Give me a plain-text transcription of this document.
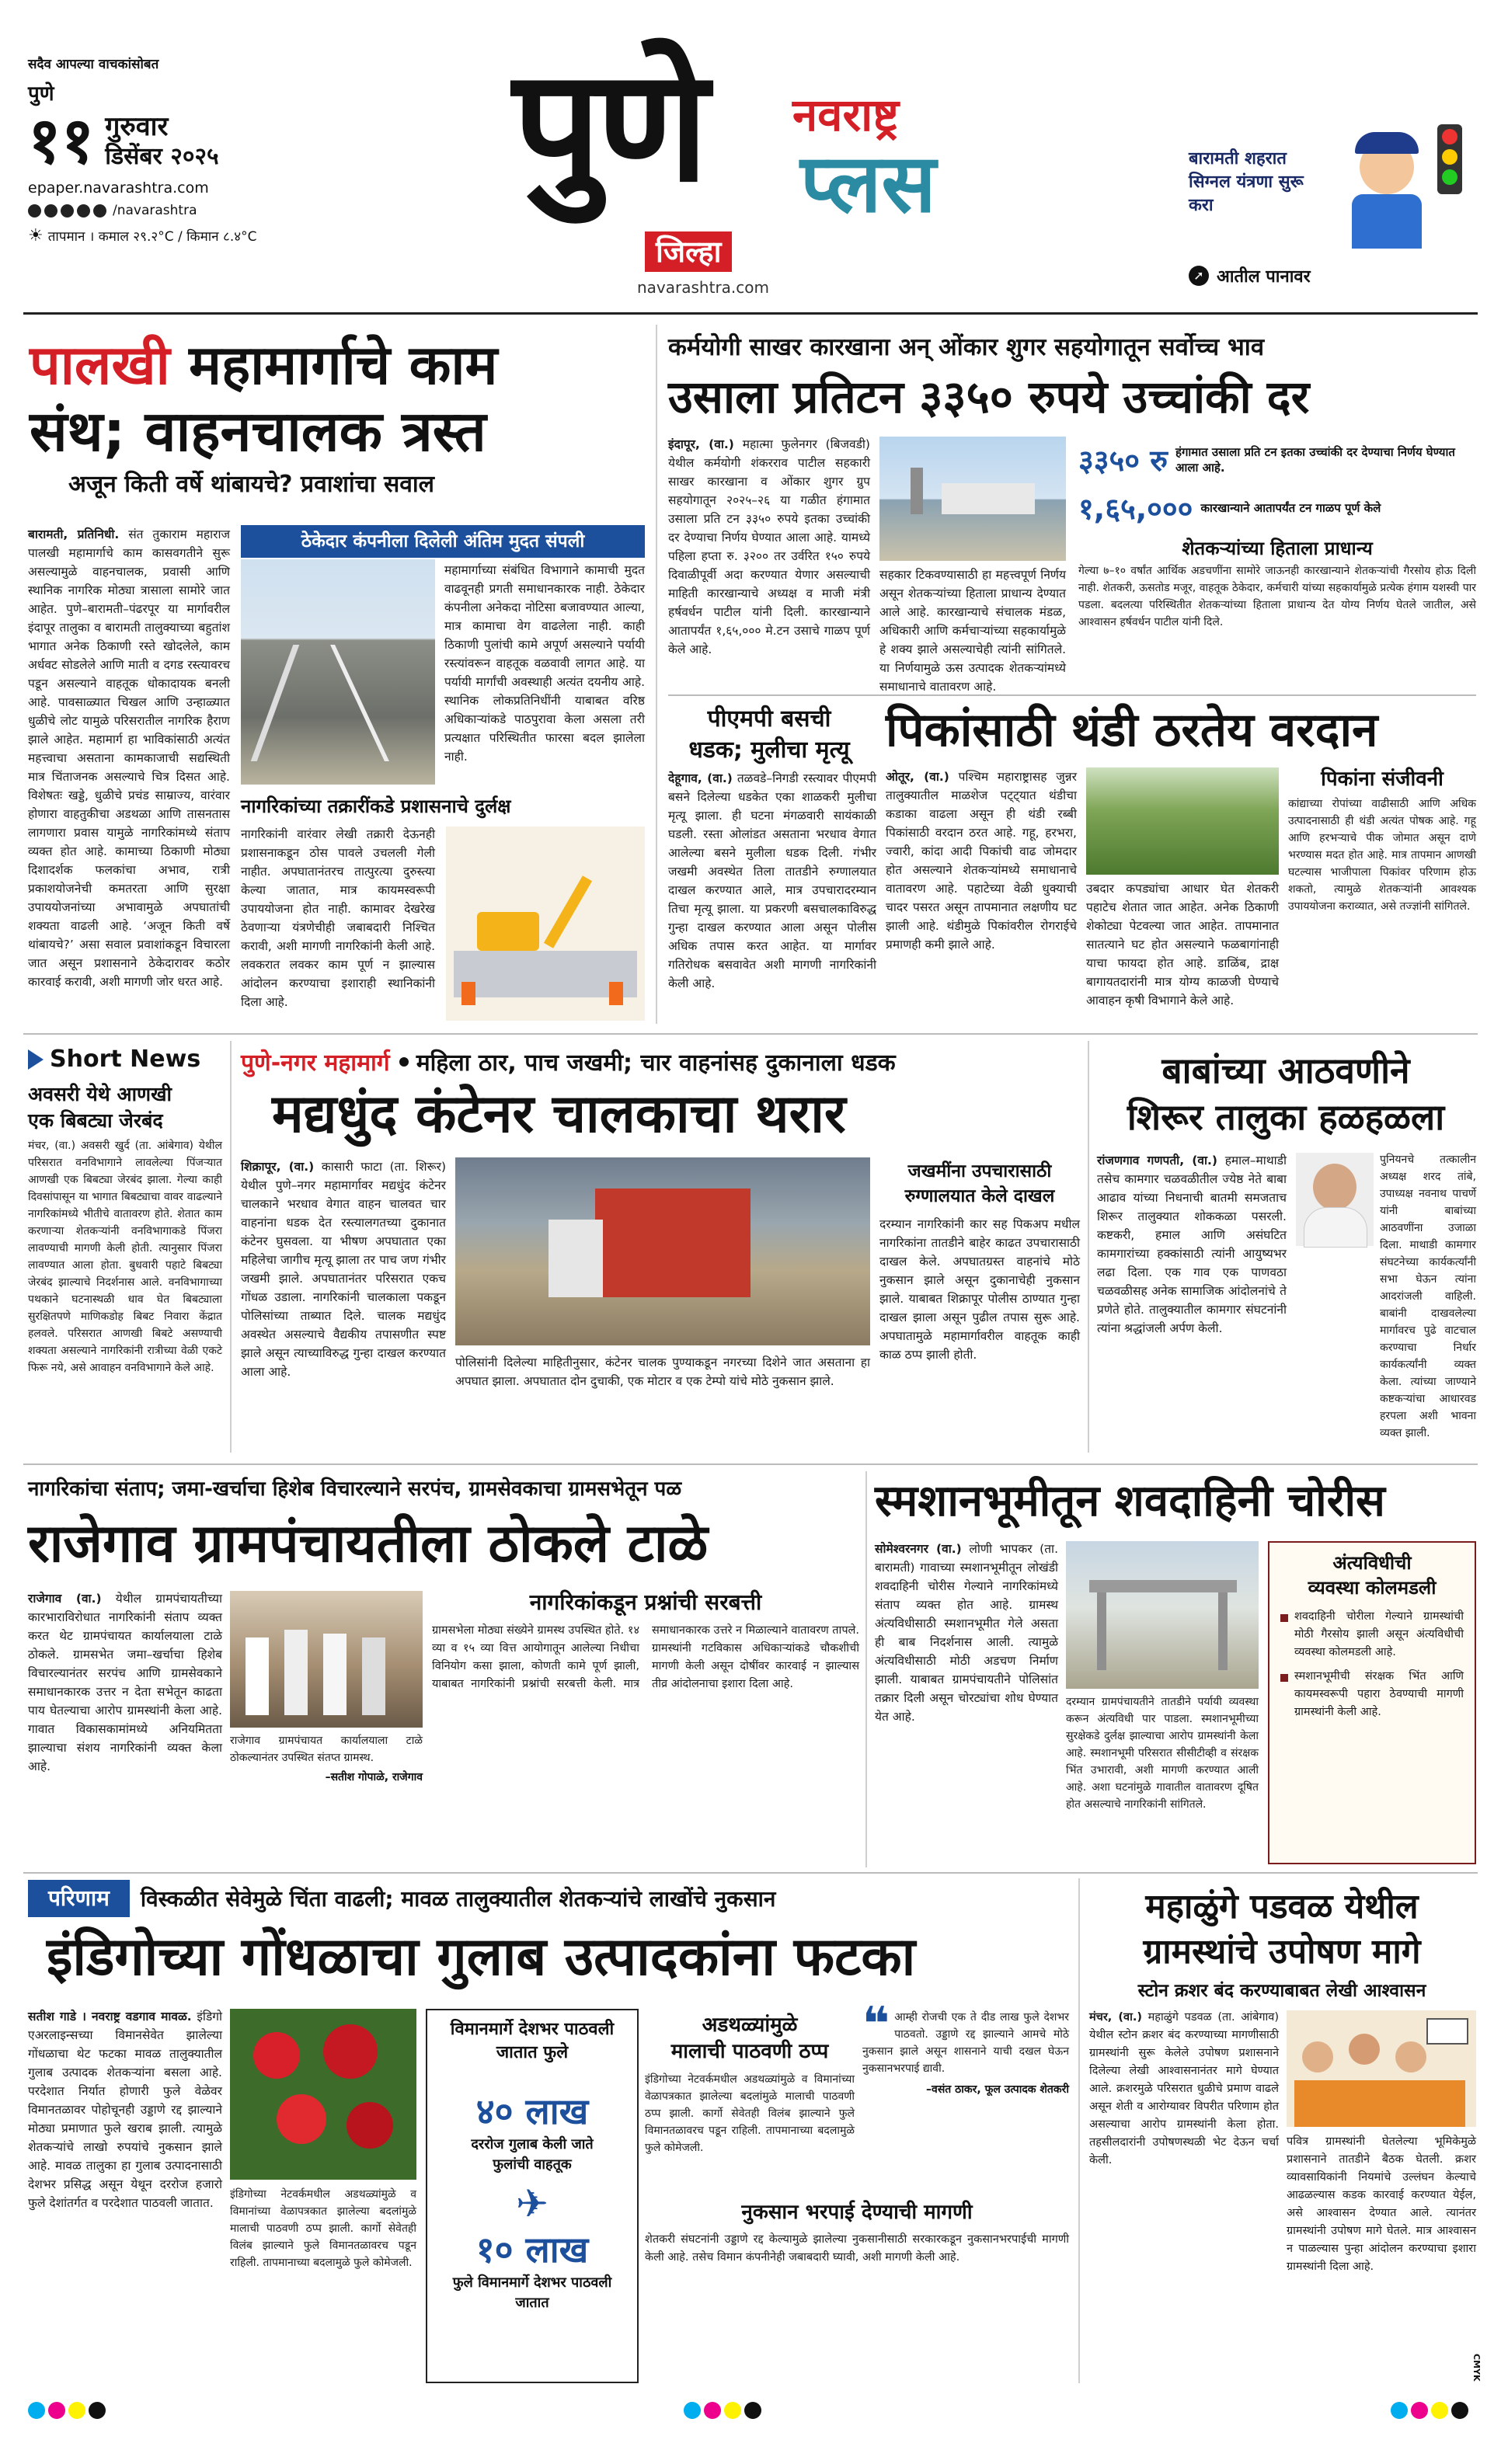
सदैव आपल्या वाचकांसोबत
पुणे
११ गुरुवार
डिसेंबर २०२५
epaper.navarashtra.com
/navarashtra
☀ तापमान । कमाल २९.२°C / किमान ८.४°C
पुणे नवराष्ट्र
प्लस
जिल्हा
navarashtra.com
बारामती शहरात सिग्नल यंत्रणा सुरू करा
➚ आतील पानावर
पालखी महामार्गाचे काम
संथ; वाहनचालक त्रस्त
अजून किती वर्षे थांबायचे? प्रवाशांचा सवाल

बारामती, प्रतिनिधी. संत तुकाराम महाराज पालखी महामार्गाचे काम कासवगतीने सुरू असल्यामुळे वाहनचालक, प्रवासी आणि स्थानिक नागरिक मोठ्या त्रासाला सामोरे जात आहेत. पुणे–बारामती–पंढरपूर या मार्गावरील इंदापूर तालुका व बारामती तालुक्याच्या बहुतांश भागात अनेक ठिकाणी रस्ते खोदलेले, काम अर्धवट सोडलेले आणि माती व दगड रस्त्यावरच पडून असल्याने वाहतूक धोकादायक बनली आहे. पावसाळ्यात चिखल आणि उन्हाळ्यात धुळीचे लोट यामुळे परिसरातील नागरिक हैराण झाले आहेत. महामार्ग हा भाविकांसाठी अत्यंत महत्त्वाचा असताना कामकाजाची सद्यस्थिती मात्र चिंताजनक असल्याचे चित्र दिसत आहे. विशेषतः खड्डे, धुळीचे प्रचंड साम्राज्य, वारंवार होणारा वाहतुकीचा अडथळा आणि तासनतास लागणारा प्रवास यामुळे नागरिकांमध्ये संताप व्यक्त होत आहे. कामाच्या ठिकाणी मोठ्या दिशादर्शक फलकांचा अभाव, रात्री प्रकाशयोजनेची कमतरता आणि सुरक्षा उपाययोजनांच्या अभावामुळे अपघातांची शक्यता वाढली आहे. ‘अजून किती वर्षे थांबायचे?’ असा सवाल प्रवाशांकडून विचारला जात असून प्रशासनाने ठेकेदारावर कठोर कारवाई करावी, अशी मागणी जोर धरत आहे.

ठेकेदार कंपनीला दिलेली अंतिम मुदत संपली

महामार्गाच्या संबंधित विभागाने कामाची मुदत वाढवूनही प्रगती समाधानकारक नाही. ठेकेदार कंपनीला अनेकदा नोटिसा बजावण्यात आल्या, मात्र कामाचा वेग वाढलेला नाही. काही ठिकाणी पुलांची कामे अपूर्ण असल्याने पर्यायी रस्त्यांवरून वाहतूक वळवावी लागत आहे. या पर्यायी मार्गांची अवस्थाही अत्यंत दयनीय आहे. स्थानिक लोकप्रतिनिधींनी याबाबत वरिष्ठ अधिकाऱ्यांकडे पाठपुरावा केला असला तरी प्रत्यक्षात परिस्थितीत फारसा बदल झालेला नाही.

नागरिकांच्या तक्रारींकडे प्रशासनाचे दुर्लक्ष

नागरिकांनी वारंवार लेखी तक्रारी देऊनही प्रशासनाकडून ठोस पावले उचलली गेली नाहीत. अपघातानंतरच तात्पुरत्या दुरुस्त्या केल्या जातात, मात्र कायमस्वरूपी उपाययोजना होत नाही. कामावर देखरेख ठेवणाऱ्या यंत्रणेचीही जबाबदारी निश्चित करावी, अशी मागणी नागरिकांनी केली आहे. लवकरात लवकर काम पूर्ण न झाल्यास आंदोलन करण्याचा इशाराही स्थानिकांनी दिला आहे.

कर्मयोगी साखर कारखाना अन् ओंकार शुगर सहयोगातून सर्वोच्च भाव
उसाला प्रतिटन ३३५० रुपये उच्चांकी दर

इंदापूर, (वा.) महात्मा फुलेनगर (बिजवडी) येथील कर्मयोगी शंकरराव पाटील सहकारी साखर कारखाना व ओंकार शुगर ग्रुप सहयोगातून २०२५–२६ या गळीत हंगामात उसाला प्रति टन ३३५० रुपये इतका उच्चांकी दर देण्याचा निर्णय घेण्यात आला आहे. यामध्ये पहिला हप्ता रु. ३२०० तर उर्वरित १५० रुपये दिवाळीपूर्वी अदा करण्यात येणार असल्याची माहिती कारखान्याचे अध्यक्ष व माजी मंत्री हर्षवर्धन पाटील यांनी दिली. कारखान्याने आतापर्यंत १,६५,००० मे.टन उसाचे गाळप पूर्ण केले आहे.

सहकार टिकवण्यासाठी हा महत्त्वपूर्ण निर्णय असून शेतकऱ्यांच्या हिताला प्राधान्य देण्यात आले आहे. कारखान्याचे संचालक मंडळ, अधिकारी आणि कर्मचाऱ्यांच्या सहकार्यामुळे हे शक्य झाले असल्याचेही त्यांनी सांगितले. या निर्णयामुळे ऊस उत्पादक शेतकऱ्यांमध्ये समाधानाचे वातावरण आहे.

३३५० रु हंगामात उसाला प्रति टन इतका उच्चांकी दर देण्याचा निर्णय घेण्यात आला आहे.
१,६५,००० कारखान्याने आतापर्यंत टन गाळप पूर्ण केले
शेतकऱ्यांच्या हिताला प्राधान्य

गेल्या ७–१० वर्षांत आर्थिक अडचणींना सामोरे जाऊनही कारखान्याने शेतकऱ्यांची गैरसोय होऊ दिली नाही. शेतकरी, ऊसतोड मजूर, वाहतूक ठेकेदार, कर्मचारी यांच्या सहकार्यामुळे प्रत्येक हंगाम यशस्वी पार पडला. बदलत्या परिस्थितीत शेतकऱ्यांच्या हिताला प्राधान्य देत योग्य निर्णय घेतले जातील, असे आश्वासन हर्षवर्धन पाटील यांनी दिले.

पीएमपी बसची
धडक; मुलीचा मृत्यू

देहूगाव, (वा.) तळवडे–निगडी रस्त्यावर पीएमपी बसने दिलेल्या धडकेत एका शाळकरी मुलीचा मृत्यू झाला. ही घटना मंगळवारी सायंकाळी घडली. रस्ता ओलांडत असताना भरधाव वेगात आलेल्या बसने मुलीला धडक दिली. गंभीर जखमी अवस्थेत तिला तातडीने रुग्णालयात दाखल करण्यात आले, मात्र उपचारादरम्यान तिचा मृत्यू झाला. या प्रकरणी बसचालकाविरुद्ध गुन्हा दाखल करण्यात आला असून पोलीस अधिक तपास करत आहेत. या मार्गावर गतिरोधक बसवावेत अशी मागणी नागरिकांनी केली आहे.

पिकांसाठी थंडी ठरतेय वरदान

ओतूर, (वा.) पश्चिम महाराष्ट्रासह जुन्नर तालुक्यातील माळशेज पट्ट्यात थंडीचा कडाका वाढला असून ही थंडी रब्बी पिकांसाठी वरदान ठरत आहे. गहू, हरभरा, ज्वारी, कांदा आदी पिकांची वाढ जोमदार होत असल्याने शेतकऱ्यांमध्ये समाधानाचे वातावरण आहे. पहाटेच्या वेळी धुक्याची चादर पसरत असून तापमानात लक्षणीय घट झाली आहे. थंडीमुळे पिकांवरील रोगराईचे प्रमाणही कमी झाले आहे.

उबदार कपड्यांचा आधार घेत शेतकरी पहाटेच शेतात जात आहेत. अनेक ठिकाणी शेकोट्या पेटवल्या जात आहेत. तापमानात सातत्याने घट होत असल्याने फळबागांनाही याचा फायदा होत आहे. डाळिंब, द्राक्ष बागायतदारांनी मात्र योग्य काळजी घेण्याचे आवाहन कृषी विभागाने केले आहे.

पिकांना संजीवनी

कांद्याच्या रोपांच्या वाढीसाठी आणि अधिक उत्पादनासाठी ही थंडी अत्यंत पोषक आहे. गहू आणि हरभऱ्याचे पीक जोमात असून दाणे भरण्यास मदत होत आहे. मात्र तापमान आणखी घटल्यास भाजीपाला पिकांवर परिणाम होऊ शकतो, त्यामुळे शेतकऱ्यांनी आवश्यक उपाययोजना कराव्यात, असे तज्ज्ञांनी सांगितले.

Short News
अवसरी येथे आणखी
एक बिबट्या जेरबंद

मंचर, (वा.) अवसरी खुर्द (ता. आंबेगाव) येथील परिसरात वनविभागाने लावलेल्या पिंजऱ्यात आणखी एक बिबट्या जेरबंद झाला. गेल्या काही दिवसांपासून या भागात बिबट्याचा वावर वाढल्याने नागरिकांमध्ये भीतीचे वातावरण होते. शेतात काम करणाऱ्या शेतकऱ्यांनी वनविभागाकडे पिंजरा लावण्याची मागणी केली होती. त्यानुसार पिंजरा लावण्यात आला होता. बुधवारी पहाटे बिबट्या जेरबंद झाल्याचे निदर्शनास आले. वनविभागाच्या पथकाने घटनास्थळी धाव घेत बिबट्याला सुरक्षितपणे माणिकडोह बिबट निवारा केंद्रात हलवले. परिसरात आणखी बिबटे असण्याची शक्यता असल्याने नागरिकांनी रात्रीच्या वेळी एकटे फिरू नये, असे आवाहन वनविभागाने केले आहे.

पुणे-नगर महामार्ग महिला ठार, पाच जखमी; चार वाहनांसह दुकानाला धडक
मद्यधुंद कंटेनर चालकाचा थरार

शिक्रापूर, (वा.) कासारी फाटा (ता. शिरूर) येथील पुणे–नगर महामार्गावर मद्यधुंद कंटेनर चालकाने भरधाव वेगात वाहन चालवत चार वाहनांना धडक देत रस्त्यालगतच्या दुकानात कंटेनर घुसवला. या भीषण अपघातात एका महिलेचा जागीच मृत्यू झाला तर पाच जण गंभीर जखमी झाले. अपघातानंतर परिसरात एकच गोंधळ उडाला. नागरिकांनी चालकाला पकडून पोलिसांच्या ताब्यात दिले. चालक मद्यधुंद अवस्थेत असल्याचे वैद्यकीय तपासणीत स्पष्ट झाले असून त्याच्याविरुद्ध गुन्हा दाखल करण्यात आला आहे.

पोलिसांनी दिलेल्या माहितीनुसार, कंटेनर चालक पुण्याकडून नगरच्या दिशेने जात असताना हा अपघात झाला. अपघातात दोन दुचाकी, एक मोटार व एक टेम्पो यांचे मोठे नुकसान झाले.

जखमींना उपचारासाठी
रुग्णालयात केले दाखल

दरम्यान नागरिकांनी कार सह पिकअप मधील नागरिकांना तातडीने बाहेर काढत उपचारासाठी दाखल केले. अपघातग्रस्त वाहनांचे मोठे नुकसान झाले असून दुकानाचेही नुकसान झाले. याबाबत शिक्रापूर पोलीस ठाण्यात गुन्हा दाखल झाला असून पुढील तपास सुरू आहे. अपघातामुळे महामार्गावरील वाहतूक काही काळ ठप्प झाली होती.

बाबांच्या आठवणीने
शिरूर तालुका हळहळला

रांजणगाव गणपती, (वा.) हमाल–माथाडी तसेच कामगार चळवळीतील ज्येष्ठ नेते बाबा आढाव यांच्या निधनाची बातमी समजताच शिरूर तालुक्यात शोककळा पसरली. कष्टकरी, हमाल आणि असंघटित कामगारांच्या हक्कांसाठी त्यांनी आयुष्यभर लढा दिला. एक गाव एक पाणवठा चळवळीसह अनेक सामाजिक आंदोलनांचे ते प्रणेते होते. तालुक्यातील कामगार संघटनांनी त्यांना श्रद्धांजली अर्पण केली.

पुनियनचे तत्कालीन अध्यक्ष शरद तांबे, उपाध्यक्ष नवनाथ पाचर्णे यांनी बाबांच्या आठवणींना उजाळा दिला. माथाडी कामगार संघटनेच्या कार्यकर्त्यांनी सभा घेऊन त्यांना आदरांजली वाहिली. बाबांनी दाखवलेल्या मार्गावरच पुढे वाटचाल करण्याचा निर्धार कार्यकर्त्यांनी व्यक्त केला. त्यांच्या जाण्याने कष्टकऱ्यांचा आधारवड हरपला अशी भावना व्यक्त झाली.

नागरिकांचा संताप; जमा-खर्चाचा हिशेब विचारल्याने सरपंच, ग्रामसेवकाचा ग्रामसभेतून पळ
राजेगाव ग्रामपंचायतीला ठोकले टाळे

राजेगाव (वा.) येथील ग्रामपंचायतीच्या कारभाराविरोधात नागरिकांनी संताप व्यक्त करत थेट ग्रामपंचायत कार्यालयाला टाळे ठोकले. ग्रामसभेत जमा–खर्चाचा हिशेब विचारल्यानंतर सरपंच आणि ग्रामसेवकाने समाधानकारक उत्तर न देता सभेतून काढता पाय घेतल्याचा आरोप ग्रामस्थांनी केला आहे. गावात विकासकामांमध्ये अनियमितता झाल्याचा संशय नागरिकांनी व्यक्त केला आहे.

राजेगाव ग्रामपंचायत कार्यालयाला टाळे ठोकल्यानंतर उपस्थित संतप्त ग्रामस्थ.

–सतीश गोपाळे, राजेगाव
नागरिकांकडून प्रश्नांची सरबत्ती

ग्रामसभेला मोठ्या संख्येने ग्रामस्थ उपस्थित होते. १४ व्या व १५ व्या वित्त आयोगातून आलेल्या निधीचा विनियोग कसा झाला, कोणती कामे पूर्ण झाली, याबाबत नागरिकांनी प्रश्नांची सरबत्ती केली. मात्र समाधानकारक उत्तरे न मिळाल्याने वातावरण तापले. ग्रामस्थांनी गटविकास अधिकाऱ्यांकडे चौकशीची मागणी केली असून दोषींवर कारवाई न झाल्यास तीव्र आंदोलनाचा इशारा दिला आहे.

स्मशानभूमीतून शवदाहिनी चोरीस

सोमेश्वरनगर (वा.) लोणी भापकर (ता. बारामती) गावाच्या स्मशानभूमीतून लोखंडी शवदाहिनी चोरीस गेल्याने नागरिकांमध्ये संताप व्यक्त होत आहे. ग्रामस्थ अंत्यविधीसाठी स्मशानभूमीत गेले असता ही बाब निदर्शनास आली. त्यामुळे अंत्यविधीसाठी मोठी अडचण निर्माण झाली. याबाबत ग्रामपंचायतीने पोलिसांत तक्रार दिली असून चोरट्यांचा शोध घेण्यात येत आहे.

दरम्यान ग्रामपंचायतीने तातडीने पर्यायी व्यवस्था करून अंत्यविधी पार पाडला. स्मशानभूमीच्या सुरक्षेकडे दुर्लक्ष झाल्याचा आरोप ग्रामस्थांनी केला आहे. स्मशानभूमी परिसरात सीसीटीव्ही व संरक्षक भिंत उभारावी, अशी मागणी करण्यात आली आहे. अशा घटनांमुळे गावातील वातावरण दूषित होत असल्याचे नागरिकांनी सांगितले.

अंत्यविधीची
व्यवस्था कोलमडली

शवदाहिनी चोरीला गेल्याने ग्रामस्थांची मोठी गैरसोय झाली असून अंत्यविधीची व्यवस्था कोलमडली आहे.

स्मशानभूमीची संरक्षक भिंत आणि कायमस्वरूपी पहारा ठेवण्याची मागणी ग्रामस्थांनी केली आहे.

परिणाम	विस्कळीत सेवेमुळे चिंता वाढली; मावळ तालुक्यातील शेतकऱ्यांचे लाखोंचे नुकसान
इंडिगोच्या गोंधळाचा गुलाब उत्पादकांना फटका

सतीश गाडे । नवराष्ट्र वडगाव मावळ. इंडिगो एअरलाइन्सच्या विमानसेवेत झालेल्या गोंधळाचा थेट फटका मावळ तालुक्यातील गुलाब उत्पादक शेतकऱ्यांना बसला आहे. परदेशात निर्यात होणारी फुले वेळेवर विमानतळावर पोहोचूनही उड्डाणे रद्द झाल्याने मोठ्या प्रमाणात फुले खराब झाली. त्यामुळे शेतकऱ्यांचे लाखो रुपयांचे नुकसान झाले आहे. मावळ तालुका हा गुलाब उत्पादनासाठी देशभर प्रसिद्ध असून येथून दररोज हजारो फुले देशांतर्गत व परदेशात पाठवली जातात.

इंडिगोच्या नेटवर्कमधील अडथळ्यांमुळे व विमानांच्या वेळापत्रकात झालेल्या बदलांमुळे मालाची पाठवणी ठप्प झाली. कार्गो सेवेतही विलंब झाल्याने फुले विमानतळावरच पडून राहिली. तापमानाच्या बदलामुळे फुले कोमेजली.

विमानमार्गे देशभर पाठवली जातात फुले
४० लाख
दररोज गुलाब केली जाते फुलांची वाहतूक
✈
१० लाख
फुले विमानमार्गे देशभर पाठवली जातात
अडथळ्यांमुळे
मालाची पाठवणी ठप्प

इंडिगोच्या नेटवर्कमधील अडथळ्यांमुळे व विमानांच्या वेळापत्रकात झालेल्या बदलांमुळे मालाची पाठवणी ठप्प झाली. कार्गो सेवेतही विलंब झाल्याने फुले विमानतळावरच पडून राहिली. तापमानाच्या बदलामुळे फुले कोमेजली.

❝ आम्ही रोजची एक ते दीड लाख फुले देशभर पाठवतो. उड्डाणे रद्द झाल्याने आमचे मोठे नुकसान झाले असून शासनाने याची दखल घेऊन नुकसानभरपाई द्यावी.

–वसंत ठाकर, फूल उत्पादक शेतकरी
नुकसान भरपाई देण्याची मागणी

शेतकरी संघटनांनी उड्डाणे रद्द केल्यामुळे झालेल्या नुकसानीसाठी सरकारकडून नुकसानभरपाईची मागणी केली आहे. तसेच विमान कंपनीनेही जबाबदारी घ्यावी, अशी मागणी केली आहे.

महाळुंगे पडवळ येथील
ग्रामस्थांचे उपोषण मागे
स्टोन क्रशर बंद करण्याबाबत लेखी आश्वासन

मंचर, (वा.) महाळुंगे पडवळ (ता. आंबेगाव) येथील स्टोन क्रशर बंद करण्याच्या मागणीसाठी ग्रामस्थांनी सुरू केलेले उपोषण प्रशासनाने दिलेल्या लेखी आश्वासनानंतर मागे घेण्यात आले. क्रशरमुळे परिसरात धुळीचे प्रमाण वाढले असून शेती व आरोग्यावर विपरीत परिणाम होत असल्याचा आरोप ग्रामस्थांनी केला होता. तहसीलदारांनी उपोषणस्थळी भेट देऊन चर्चा केली.

पवित्र ग्रामस्थांनी घेतलेल्या भूमिकेमुळे प्रशासनाने तातडीने बैठक घेतली. क्रशर व्यावसायिकांनी नियमांचे उल्लंघन केल्याचे आढळल्यास कडक कारवाई करण्यात येईल, असे आश्वासन देण्यात आले. त्यानंतर ग्रामस्थांनी उपोषण मागे घेतले. मात्र आश्वासन न पाळल्यास पुन्हा आंदोलन करण्याचा इशारा ग्रामस्थांनी दिला आहे.

CMYK
